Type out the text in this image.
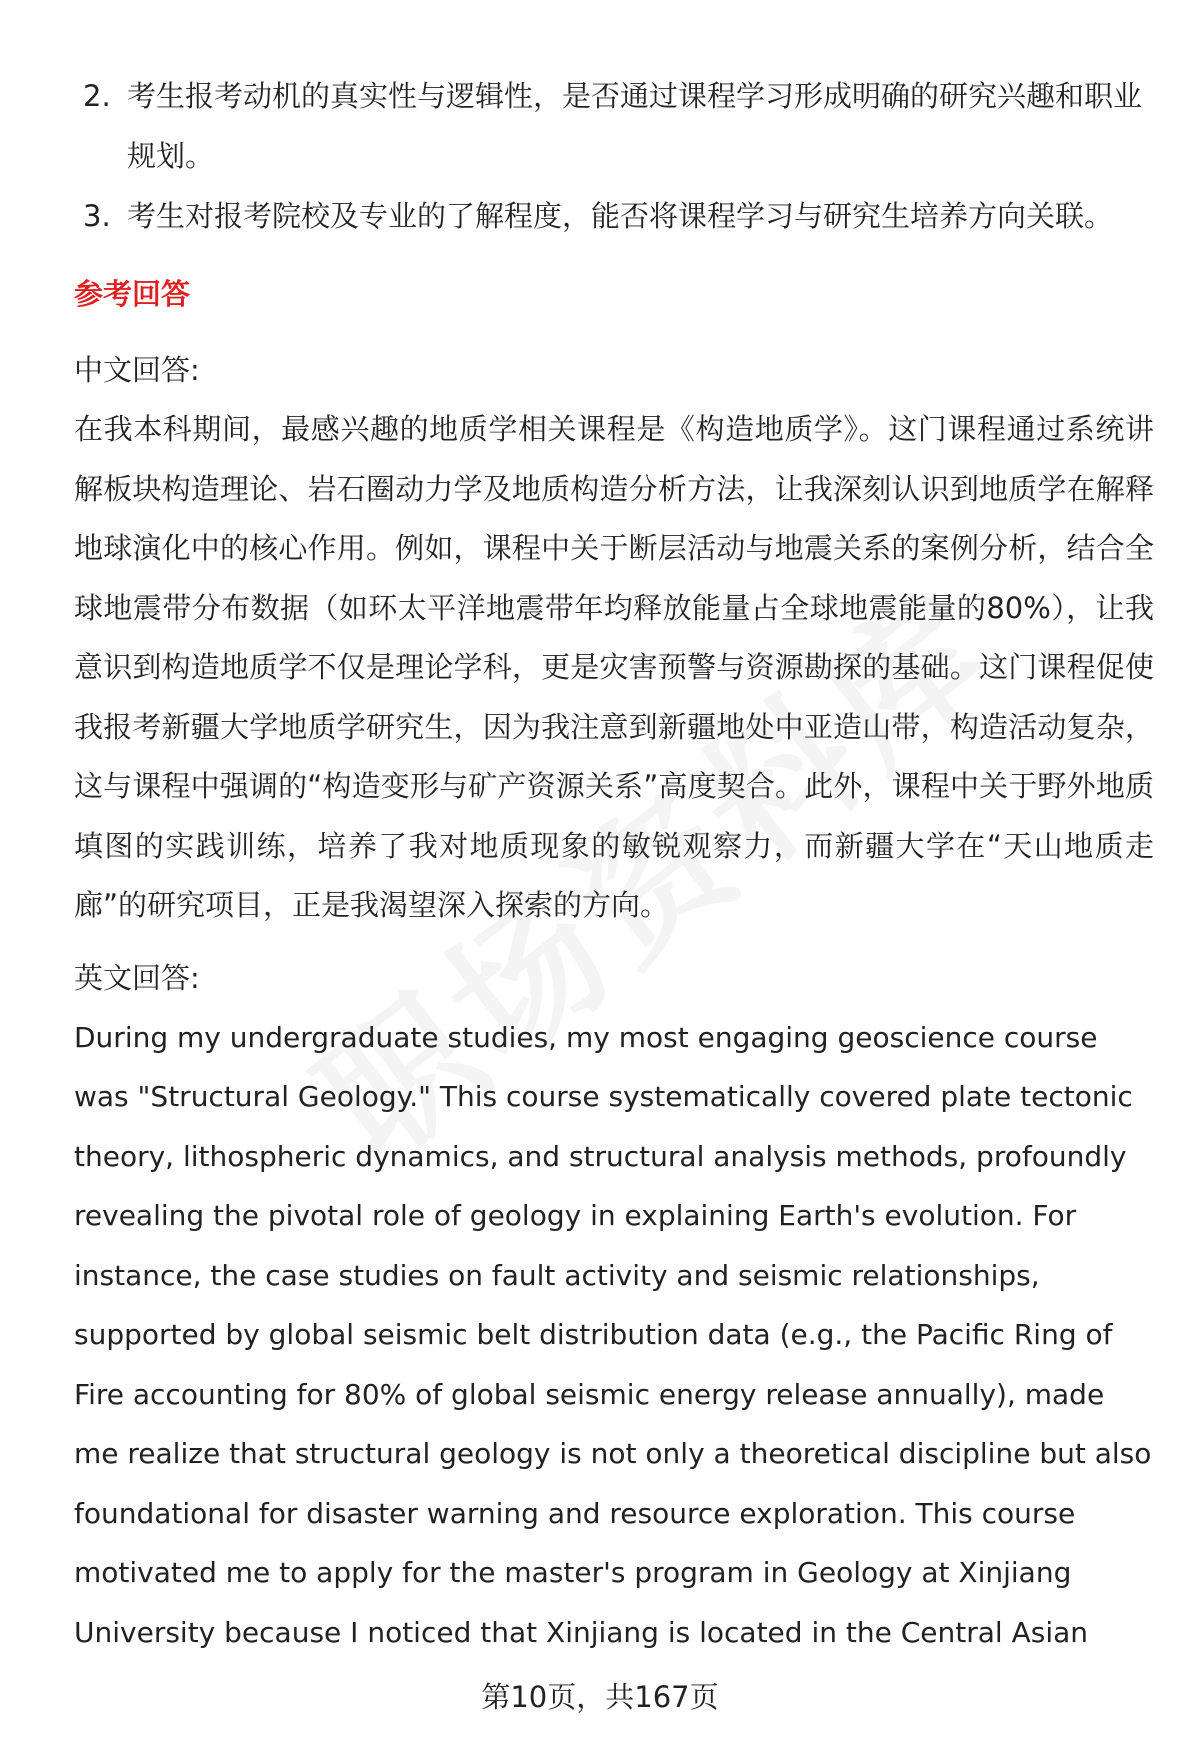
2. 考生报考动机的真实性与逻辑性，是否通过课程学习形成明确的研究兴趣和职业规划。
3. 考生对报考院校及专业的了解程度，能否将课程学习与研究生培养方向关联。
参考回答
中文回答:
在我本科期间，最感兴趣的地质学相关课程是《构造地质学》。这门课程通过系统讲解板块构造理论、岩石圈动力学及地质构造分析方法，让我深刻认识到地质学在解释地球演化中的核心作用。例如，课程中关于断层活动与地震关系的案例分析，结合全球地震带分布数据（如环太平洋地震带年均释放能量占全球地震能量的80%），让我意识到构造地质学不仅是理论学科，更是灾害预警与资源勘探的基础。这门课程促使我报考新疆大学地质学研究生，因为我注意到新疆地处中亚造山带，构造活动复杂，这与课程中强调的“构造变形与矿产资源关系”高度契合。此外，课程中关于野外地质填图的实践训练，培养了我对地质现象的敏锐观察力，而新疆大学在“天山地质走廊”的研究项目，正是我渴望深入探索的方向。
英文回答:
During my undergraduate studies, my most engaging geoscience course was "Structural Geology." This course systematically covered plate tectonic theory, lithospheric dynamics, and structural analysis methods, profoundly revealing the pivotal role of geology in explaining Earth's evolution. For instance, the case studies on fault activity and seismic relationships, supported by global seismic belt distribution data (e.g., the Pacific Ring of Fire accounting for 80% of global seismic energy release annually), made me realize that structural geology is not only a theoretical discipline but also foundational for disaster warning and resource exploration. This course motivated me to apply for the master's program in Geology at Xinjiang University because I noticed that Xinjiang is located in the Central Asian
第10页，共167页
